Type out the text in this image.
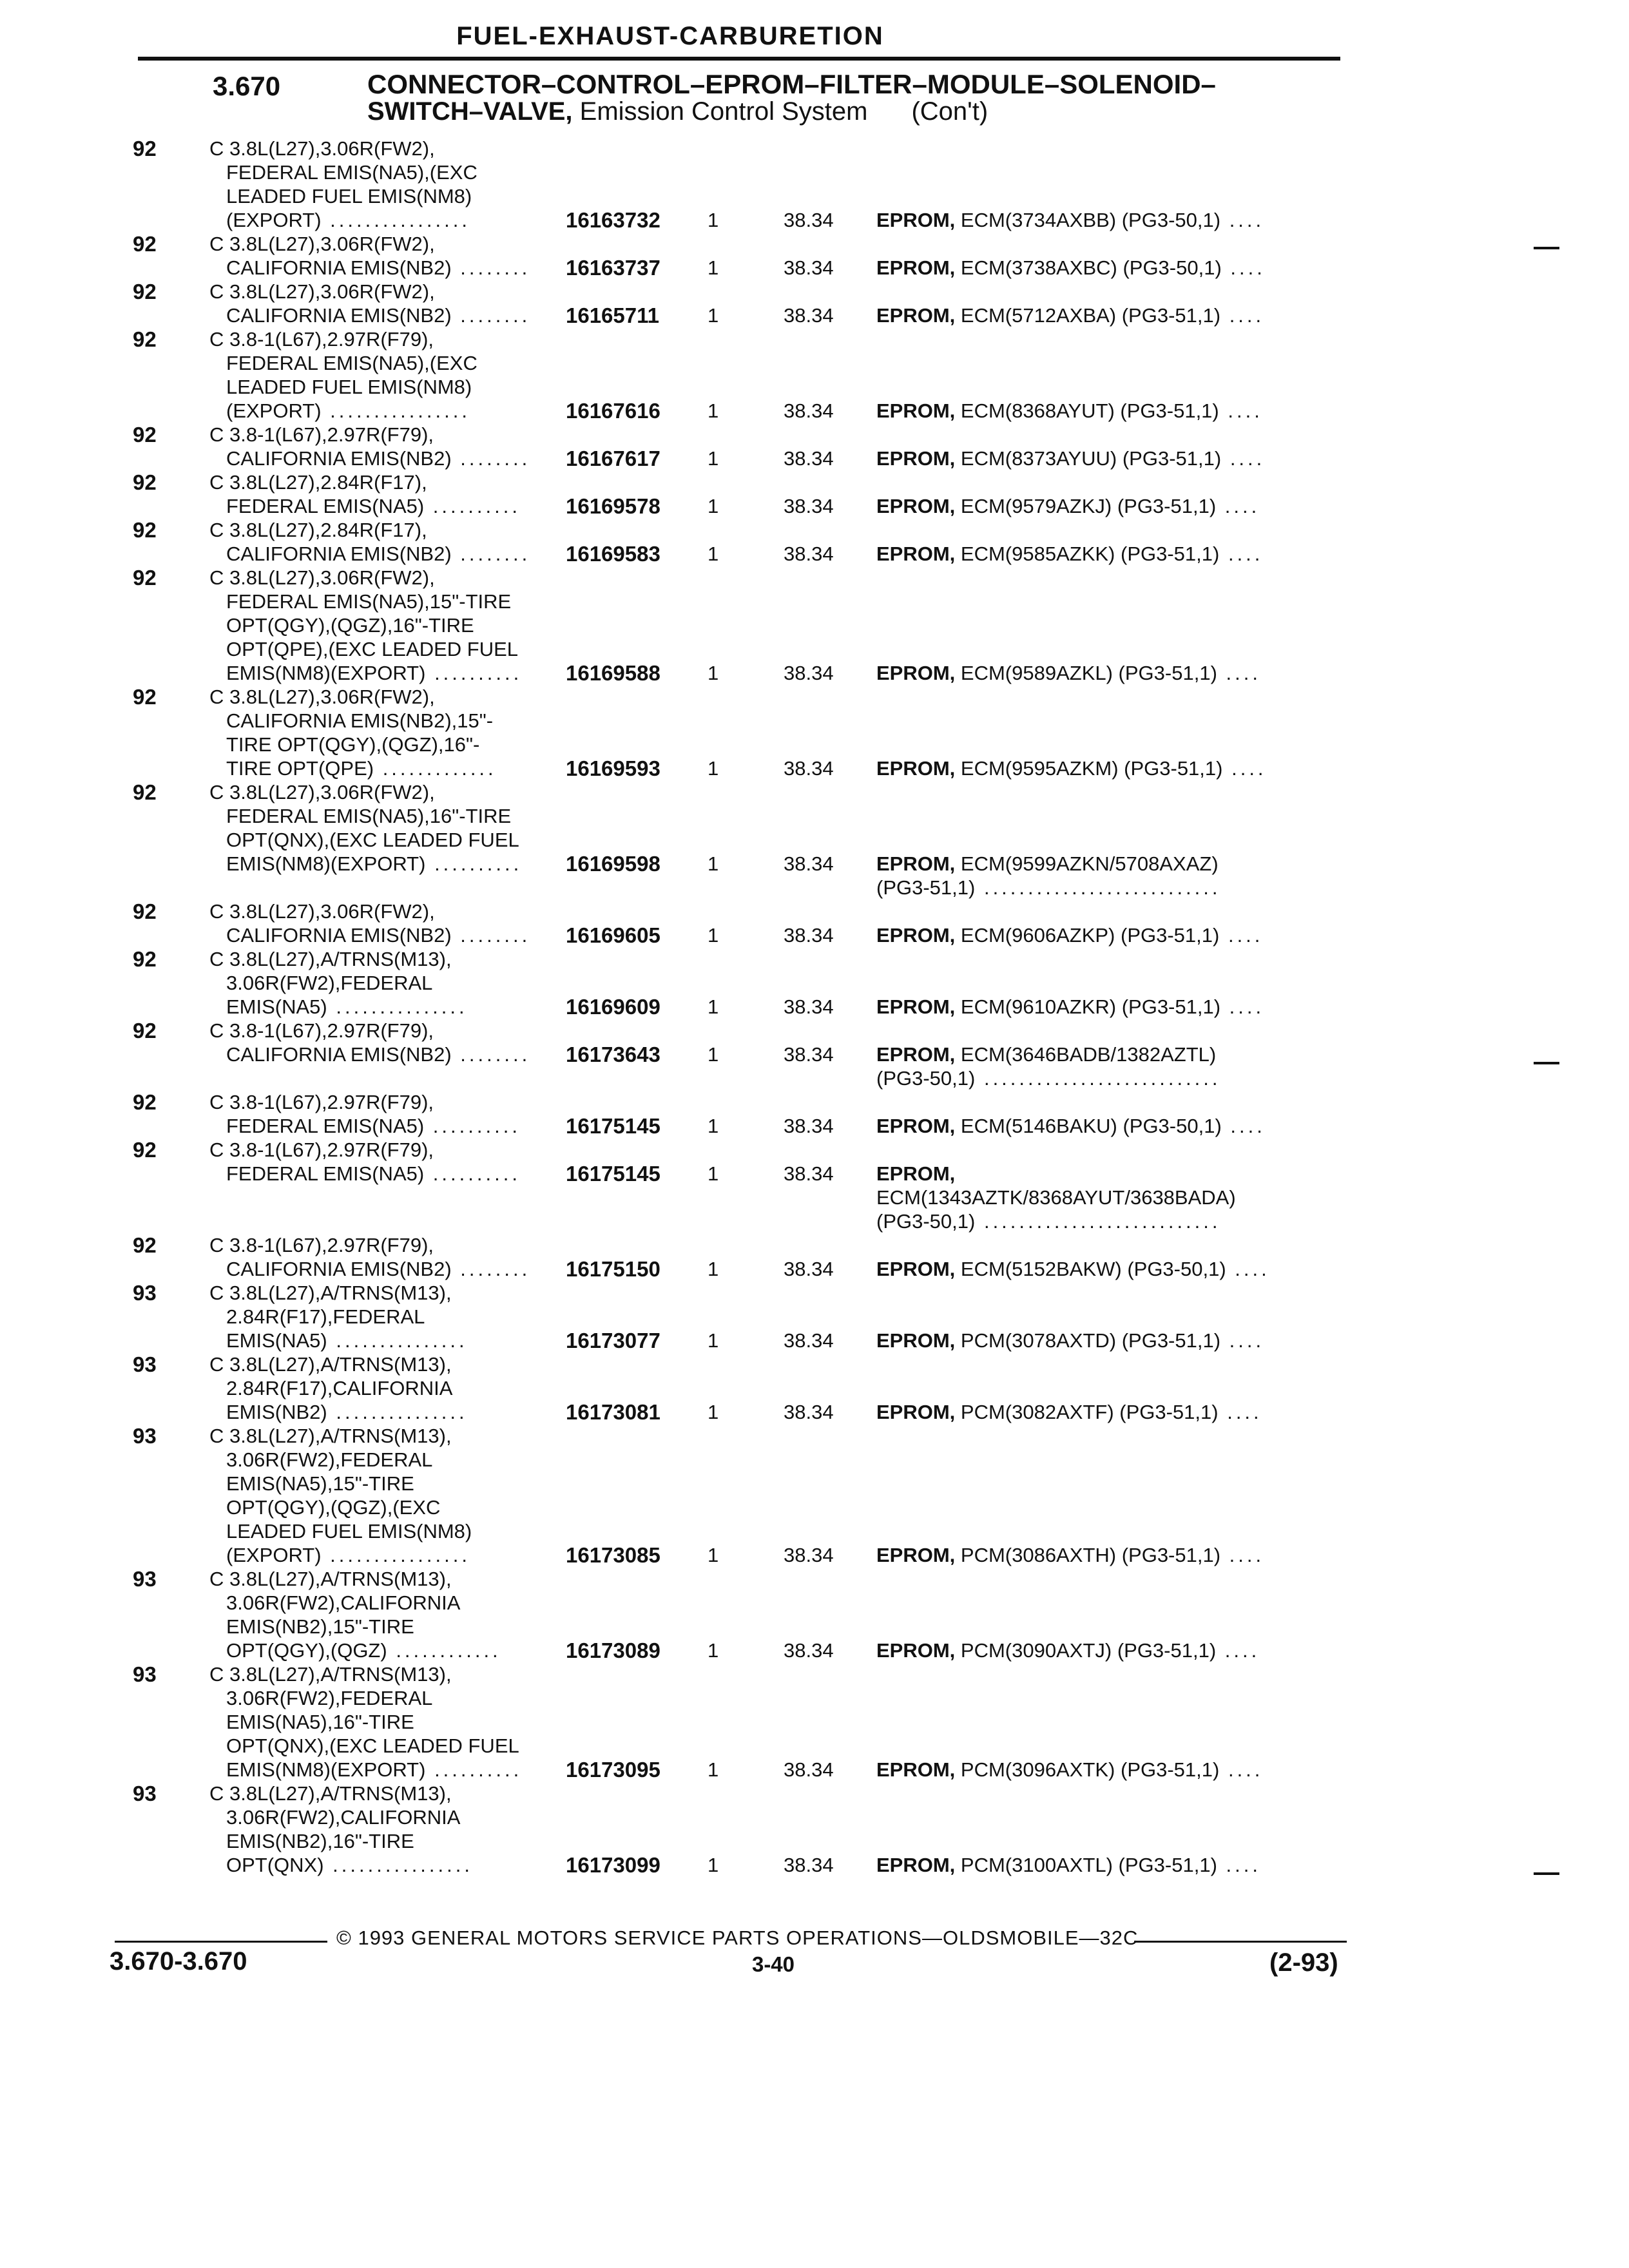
FUEL-EXHAUST-CARBURETION
3.670	CONNECTOR–CONTROL–EPROM–FILTER–MODULE–SOLENOID–
SWITCH–VALVE, Emission Control System (Con't)
92	C 3.8L(L27),3.06R(FW2),
FEDERAL EMIS(NA5),(EXC
LEADED FUEL EMIS(NM8)
(EXPORT) ................	16163732 1	38.34 EPROM, ECM(3734AXBB) (PG3-50,1) ....
92	C 3.8L(L27),3.06R(FW2),
CALIFORNIA EMIS(NB2) ........ 16163737 1	38.34 EPROM, ECM(3738AXBC) (PG3-50,1) ....
92	C 3.8L(L27),3.06R(FW2),
CALIFORNIA EMIS(NB2) ........ 16165711 1	38.34 EPROM, ECM(5712AXBA) (PG3-51,1) ....
92	C 3.8-1(L67),2.97R(F79),
FEDERAL EMIS(NA5),(EXC
LEADED FUEL EMIS(NM8)
(EXPORT) ................	16167616 1	38.34 EPROM, ECM(8368AYUT) (PG3-51,1) ....
92	C 3.8-1(L67),2.97R(F79),
CALIFORNIA EMIS(NB2) ........ 16167617 1	38.34 EPROM, ECM(8373AYUU) (PG3-51,1) ....
92	C 3.8L(L27),2.84R(F17),
FEDERAL EMIS(NA5) .......... 16169578 1	38.34 EPROM, ECM(9579AZKJ) (PG3-51,1) ....
92	C 3.8L(L27),2.84R(F17),
CALIFORNIA EMIS(NB2) ........ 16169583 1	38.34 EPROM, ECM(9585AZKK) (PG3-51,1) ....
92	C 3.8L(L27),3.06R(FW2),
FEDERAL EMIS(NA5),15"-TIRE
OPT(QGY),(QGZ),16"-TIRE
OPT(QPE),(EXC LEADED FUEL
EMIS(NM8)(EXPORT) .......... 16169588 1	38.34 EPROM, ECM(9589AZKL) (PG3-51,1) ....
92	C 3.8L(L27),3.06R(FW2),
CALIFORNIA EMIS(NB2),15"-
TIRE OPT(QGY),(QGZ),16"-
TIRE OPT(QPE) .............	16169593 1	38.34 EPROM, ECM(9595AZKM) (PG3-51,1) ....
92	C 3.8L(L27),3.06R(FW2),
FEDERAL EMIS(NA5),16"-TIRE
OPT(QNX),(EXC LEADED FUEL
EMIS(NM8)(EXPORT) .......... 16169598 1	38.34 EPROM, ECM(9599AZKN/5708AXAZ)
(PG3-51,1) ...........................
92	C 3.8L(L27),3.06R(FW2),
CALIFORNIA EMIS(NB2) ........ 16169605 1	38.34 EPROM, ECM(9606AZKP) (PG3-51,1) ....
92	C 3.8L(L27),A/TRNS(M13),
3.06R(FW2),FEDERAL
EMIS(NA5) ...............	16169609 1	38.34 EPROM, ECM(9610AZKR) (PG3-51,1) ....
92	C 3.8-1(L67),2.97R(F79),
CALIFORNIA EMIS(NB2) ........ 16173643 1	38.34 EPROM, ECM(3646BADB/1382AZTL)
(PG3-50,1) ...........................
92	C 3.8-1(L67),2.97R(F79),
FEDERAL EMIS(NA5) .......... 16175145 1	38.34 EPROM, ECM(5146BAKU) (PG3-50,1) ....
92	C 3.8-1(L67),2.97R(F79),
FEDERAL EMIS(NA5) .......... 16175145 1	38.34 EPROM,
ECM(1343AZTK/8368AYUT/3638BADA)
(PG3-50,1) ...........................
92	C 3.8-1(L67),2.97R(F79),
CALIFORNIA EMIS(NB2) ........ 16175150 1	38.34 EPROM, ECM(5152BAKW) (PG3-50,1) ....
93	C 3.8L(L27),A/TRNS(M13),
2.84R(F17),FEDERAL
EMIS(NA5) ...............	16173077 1	38.34 EPROM, PCM(3078AXTD) (PG3-51,1) ....
93	C 3.8L(L27),A/TRNS(M13),
2.84R(F17),CALIFORNIA
EMIS(NB2) ...............	16173081 1	38.34 EPROM, PCM(3082AXTF) (PG3-51,1) ....
93	C 3.8L(L27),A/TRNS(M13),
3.06R(FW2),FEDERAL
EMIS(NA5),15"-TIRE
OPT(QGY),(QGZ),(EXC
LEADED FUEL EMIS(NM8)
(EXPORT) ................	16173085 1	38.34 EPROM, PCM(3086AXTH) (PG3-51,1) ....
93	C 3.8L(L27),A/TRNS(M13),
3.06R(FW2),CALIFORNIA
EMIS(NB2),15"-TIRE
OPT(QGY),(QGZ) ............	16173089 1	38.34 EPROM, PCM(3090AXTJ) (PG3-51,1) ....
93	C 3.8L(L27),A/TRNS(M13),
3.06R(FW2),FEDERAL
EMIS(NA5),16"-TIRE
OPT(QNX),(EXC LEADED FUEL
EMIS(NM8)(EXPORT) .......... 16173095 1	38.34 EPROM, PCM(3096AXTK) (PG3-51,1) ....
93	C 3.8L(L27),A/TRNS(M13),
3.06R(FW2),CALIFORNIA
EMIS(NB2),16"-TIRE
OPT(QNX) ................	16173099 1	38.34 EPROM, PCM(3100AXTL) (PG3-51,1) ....
© 1993 GENERAL MOTORS SERVICE PARTS OPERATIONS—OLDSMOBILE—32C
3.670-3.670	3-40	(2-93)
